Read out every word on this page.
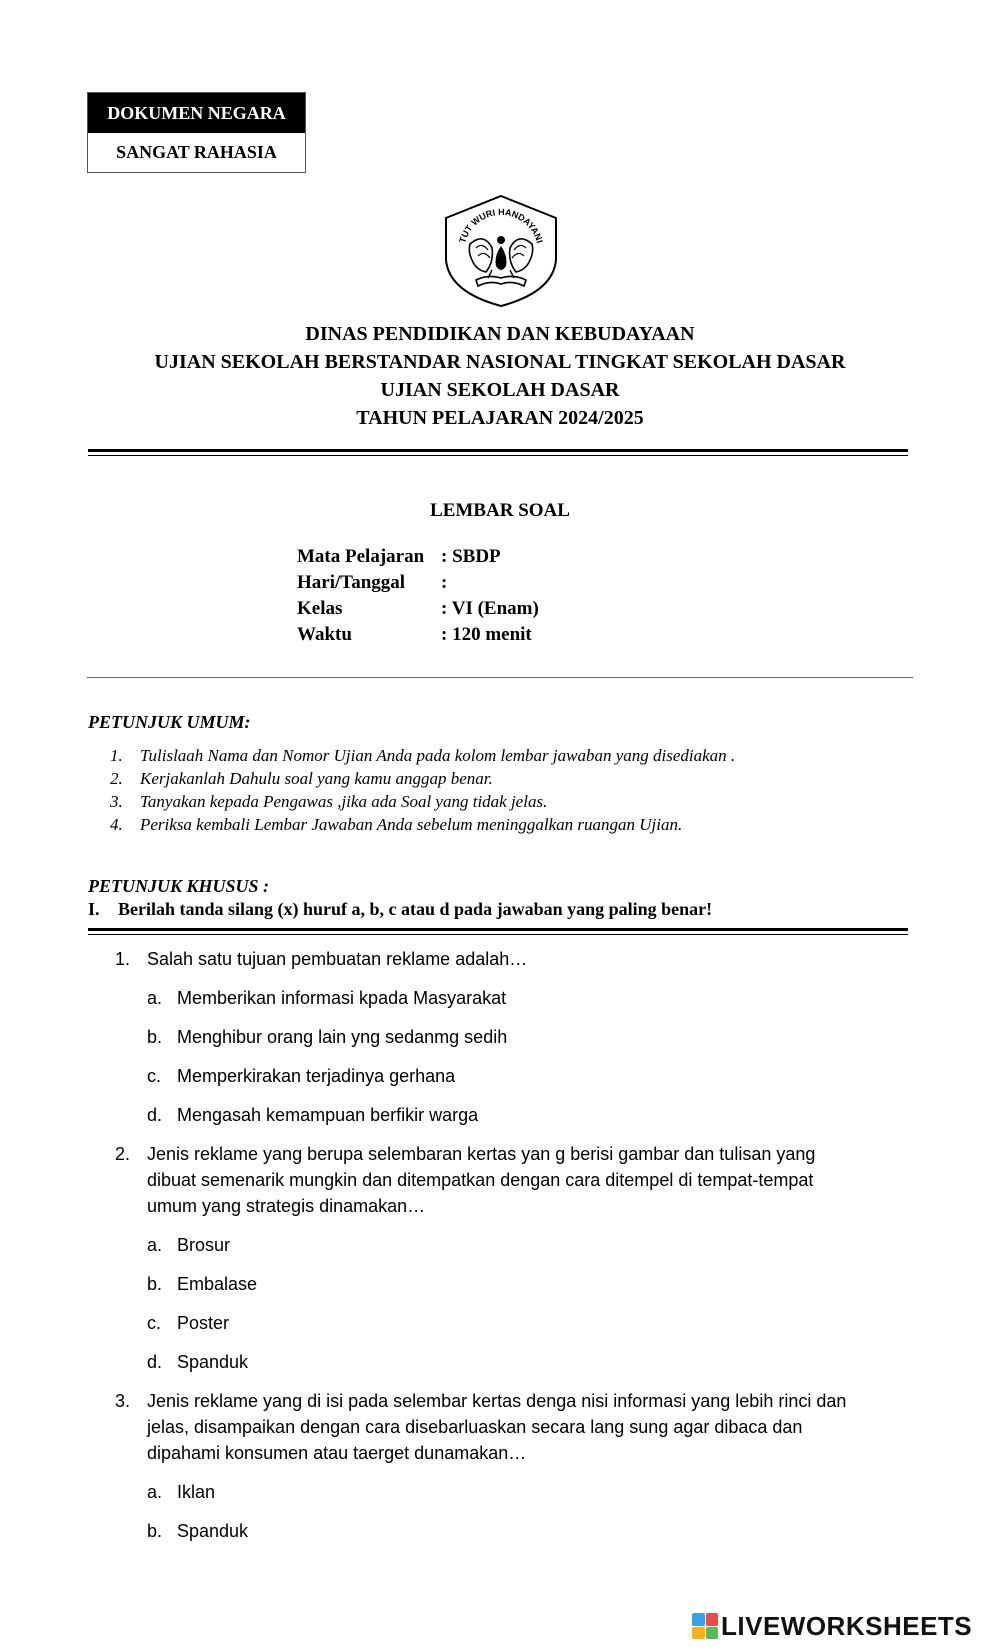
DOKUMEN NEGARA
SANGAT RAHASIA
TUT WURI HANDAYANI
DINAS PENDIDIKAN DAN KEBUDAYAAN
UJIAN SEKOLAH BERSTANDAR NASIONAL TINGKAT SEKOLAH DASAR
UJIAN SEKOLAH DASAR
TAHUN PELAJARAN 2024/2025
LEMBAR SOAL
Mata Pelajaran : SBDP
Hari/Tanggal :
Kelas	: VI (Enam)
Waktu	: 120 menit
PETUNJUK UMUM:
1. Tulislaah Nama dan Nomor Ujian Anda pada kolom lembar jawaban yang disediakan .
2. Kerjakanlah Dahulu soal yang kamu anggap benar.
3. Tanyakan kepada Pengawas ,jika ada Soal yang tidak jelas.
4. Periksa kembali Lembar Jawaban Anda sebelum meninggalkan ruangan Ujian.
PETUNJUK KHUSUS :
I. Berilah tanda silang (x) huruf a, b, c atau d pada jawaban yang paling benar!
1. Salah satu tujuan pembuatan reklame adalah…
a. Memberikan informasi kpada Masyarakat
b. Menghibur orang lain yng sedanmg sedih
c. Memperkirakan terjadinya gerhana
d. Mengasah kemampuan berfikir warga
2. Jenis reklame yang berupa selembaran kertas yan g berisi gambar dan tulisan yang
dibuat semenarik mungkin dan ditempatkan dengan cara ditempel di tempat-tempat
umum yang strategis dinamakan…
a. Brosur
b. Embalase
c. Poster
d. Spanduk
3. Jenis reklame yang di isi pada selembar kertas denga nisi informasi yang lebih rinci dan
jelas, disampaikan dengan cara disebarluaskan secara lang sung agar dibaca dan
dipahami konsumen atau taerget dunamakan…
a. Iklan
b. Spanduk
LIVEWORKSHEETS
